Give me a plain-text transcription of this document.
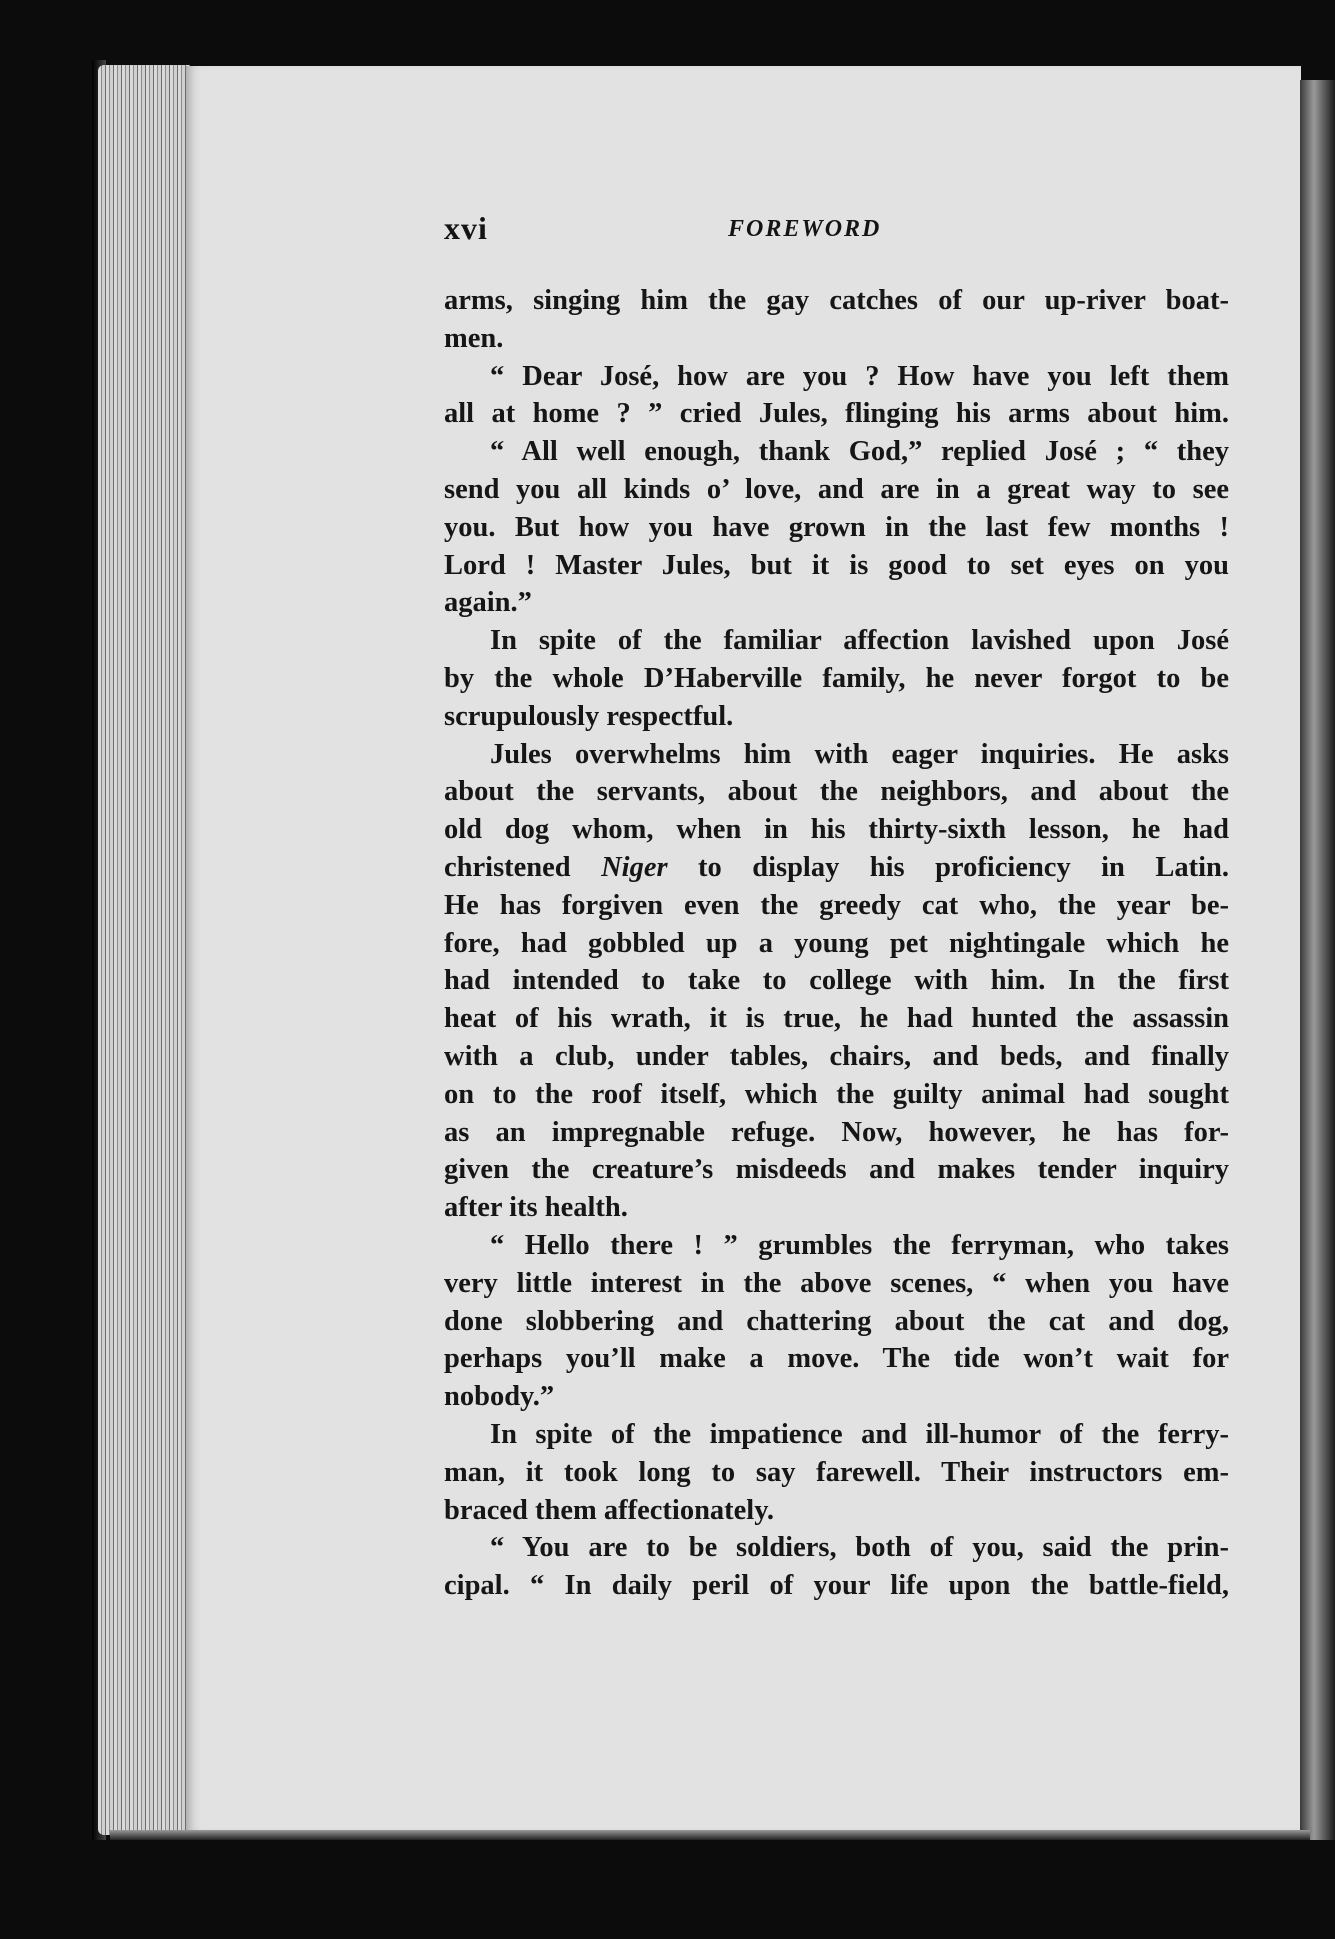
xvi	FOREWORD
arms, singing him the gay catches of our up-river boat-
men.
“ Dear José, how are you ? How have you left them
all at home ? ” cried Jules, flinging his arms about him.
“ All well enough, thank God,” replied José ; “ they
send you all kinds o’ love, and are in a great way to see
you. But how you have grown in the last few months !
Lord ! Master Jules, but it is good to set eyes on you
again.”
In spite of the familiar affection lavished upon José
by the whole D’Haberville family, he never forgot to be
scrupulously respectful.
Jules overwhelms him with eager inquiries. He asks
about the servants, about the neighbors, and about the
old dog whom, when in his thirty-sixth lesson, he had
christened Niger to display his proficiency in Latin.
He has forgiven even the greedy cat who, the year be-
fore, had gobbled up a young pet nightingale which he
had intended to take to college with him. In the first
heat of his wrath, it is true, he had hunted the assassin
with a club, under tables, chairs, and beds, and finally
on to the roof itself, which the guilty animal had sought
as an impregnable refuge. Now, however, he has for-
given the creature’s misdeeds and makes tender inquiry
after its health.
“ Hello there ! ” grumbles the ferryman, who takes
very little interest in the above scenes, “ when you have
done slobbering and chattering about the cat and dog,
perhaps you’ll make a move. The tide won’t wait for
nobody.”
In spite of the impatience and ill-humor of the ferry-
man, it took long to say farewell. Their instructors em-
braced them affectionately.
“ You are to be soldiers, both of you, said the prin-
cipal. “ In daily peril of your life upon the battle-field,
